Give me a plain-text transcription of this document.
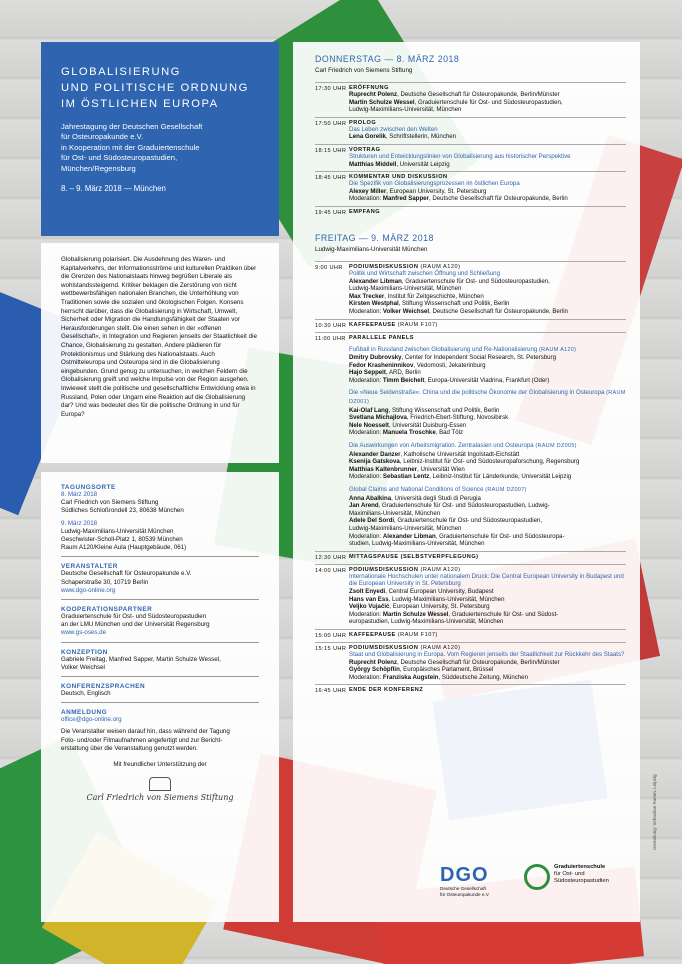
GLOBALISIERUNG
UND POLITISCHE ORDNUNG
IM ÖSTLICHEN EUROPA
Jahrestagung der Deutschen Gesellschaft
für Osteuropakunde e.V.
in Kooperation mit der Graduiertenschule
für Ost- und Südosteuropastudien,
München/Regensburg
8. – 9. März 2018 — München

Globalisierung polarisiert. Die Ausdehnung des Waren- und Kapitalverkehrs, der Informationsströme und kulturellen Praktiken über die Grenzen des Nationalstaats hinweg begrüßen Liberale als wohlstandssteigernd. Kritiker beklagen die Zerstörung von nicht wettbewerbsfähigen nationalen Branchen, die Unterhöhlung von Traditionen sowie die sozialen und ökologischen Folgen. Konsens herrscht darüber, dass die Globalisierung in Wirtschaft, Umwelt, Sicherheit oder Migration die Handlungsfähigkeit der Staaten vor Herausforderungen stellt. Die einen sehen in der »offenen Gesellschaft«, in Integration und Regieren jenseits der Staatlichkeit die Chance, Globalisierung zu gestalten. Andere plädieren für Protektionismus und Stärkung des Nationalstaats. Auch Ostmitteleuropa und Osteuropa sind in die Globalisierung eingebunden. Grund genug zu untersuchen, in welchen Feldern die Globalisierung greift und welche Impulse von der Region ausgehen. Inwieweit stellt die politische und gesellschaftliche Entwicklung etwa in Russland, Polen oder Ungarn eine Reaktion auf die Globalisierung dar? Und was bedeutet dies für die politische Ordnung in und für Europa?

TAGUNGSORTE
8. März 2018
Carl Friedrich von Siemens Stiftung
Südliches Schloßrondell 23, 80638 München
9. März 2018
Ludwig-Maximilians-Universität München
Geschwister-Scholl-Platz 1, 80539 München
Raum A120/Kleine Aula (Hauptgebäude, 061)
VERANSTALTER
Deutsche Gesellschaft für Osteuropakunde e.V.
Schaperstraße 30, 10719 Berlin
www.dgo-online.org
KOOPERATIONSPARTNER
Graduiertenschule für Ost- und Südosteuropastudien
an der LMU München und der Universität Regensburg
www.gs-oses.de
KONZEPTION
Gabriele Freitag, Manfred Sapper, Martin Schulze Wessel,
Volker Weichsel
KONFERENZSPRACHEN
Deutsch, Englisch
ANMELDUNG
office@dgo-online.org
Die Veranstalter weisen darauf hin, dass während der Tagung
Foto- und/oder Filmaufnahmen angefertigt und zur Bericht-
erstattung über die Veranstaltung genutzt werden.
Mit freundlicher Unterstützung der
Carl Friedrich von Siemens Stiftung
DONNERSTAG — 8. MÄRZ 2018
Carl Friedrich von Siemens Stiftung
17:30 UHR ERÖFFNUNG
Ruprecht Polenz, Deutsche Gesellschaft für Osteuropakunde, Berlin/Münster
Martin Schulze Wessel, Graduiertenschule für Ost- und Südosteuropastudien,
Ludwig-Maximilians-Universität, München
17:50 UHR PROLOG
Das Leben zwischen den Welten
Lena Gorelik, Schriftstellerin, München
18:15 UHR VORTRAG
Strukturen und Entwicklungslinien von Globalisierung aus historischer Perspektive
Matthias Middell, Universität Leipzig
18:45 UHR KOMMENTAR UND DISKUSSION
Die Spezifik von Globalisierungsprozessen im östlichen Europa
Alexey Miller, European University, St. Petersburg
Moderation: Manfred Sapper, Deutsche Gesellschaft für Osteuropakunde, Berlin
19:45 UHR EMPFANG
FREITAG — 9. MÄRZ 2018
Ludwig-Maximilians-Universität München
9:00 UHR	PODIUMSDISKUSSION (RAUM A120)
Politik und Wirtschaft zwischen Öffnung und Schließung
Alexander Libman, Graduiertenschule für Ost- und Südosteuropastudien,
Ludwig-Maximilians-Universität, München
Max Trecker, Institut für Zeitgeschichte, München
Kirsten Westphal, Stiftung Wissenschaft und Politik, Berlin
Moderation: Volker Weichsel, Deutsche Gesellschaft für Osteuropakunde, Berlin
10:30 UHR KAFFEEPAUSE (RAUM F107)
11:00 UHR PARALLELE PANELS
Fußball in Russland zwischen Globalisierung und Re-Nationalisierung (RAUM A120)
Dmitry Dubrovsky, Center for Independent Social Research, St. Petersburg
Fedor Krasheninnikov, Vedomosti, Jekaterinburg
Hajo Seppelt, ARD, Berlin
Moderation: Timm Beichelt, Europa-Universität Viadrina, Frankfurt (Oder)
Die »Neue Seidenstraße«. China und die politische Ökonomie der Globalisierung in Osteuropa (RAUM DZ001)
Kai-Olaf Lang, Stiftung Wissenschaft und Politik, Berlin
Svetlana Michajlova, Friedrich-Ebert-Stiftung, Novosibirsk
Nele Noesselt, Universität Duisburg-Essen
Moderation: Manuela Troschke, Bad Tölz
Die Auswirkungen von Arbeitsmigration. Zentralasien und Osteuropa (RAUM DZ005)
Alexander Danzer, Katholische Universität Ingolstadt-Eichstätt
Ksenija Gatskova, Leibniz-Institut für Ost- und Südosteuropaforschung, Regensburg
Matthias Kaltenbrunner, Universität Wien
Moderation: Sebastian Lentz, Leibniz-Institut für Länderkunde, Universität Leipzig
Global Claims and National Conditions of Science (RAUM DZ007)
Anna Abalkina, Università degli Studi di Perugia
Jan Arend, Graduiertenschule für Ost- und Südosteuropastudien, Ludwig-
Maximilians-Universität, München
Adele Del Sordi, Graduiertenschule für Ost- und Südosteuropastudien,
Ludwig-Maximilians-Universität, München
Moderation: Alexander Libman, Graduiertenschule für Ost- und Südosteuropa-
studien, Ludwig-Maximilians-Universität, München
12:30 UHR MITTAGSPAUSE (SELBSTVERPFLEGUNG)
14:00 UHR PODIUMSDISKUSSION (RAUM A120)
Internationale Hochschulen unter nationalem Druck: Die Central European University in Budapest und die European University in St. Petersburg
Zsolt Enyedi, Central European University, Budapest
Hans van Ess, Ludwig-Maximilians-Universität, München
Veljko Vujačić, European University, St. Petersburg
Moderation: Martin Schulze Wessel, Graduiertenschule für Ost- und Südost-
europastudien, Ludwig-Maximilians-Universität, München
15:00 UHR KAFFEEPAUSE (RAUM F107)
15:15 UHR PODIUMSDISKUSSION (RAUM A120)
Staat und Globalisierung in Europa. Vom Regieren jenseits der Staatlichkeit zur Rückkehr des Staats?
Ruprecht Polenz, Deutsche Gesellschaft für Osteuropakunde, Berlin/Münster
György Schöpflin, Europäisches Parlament, Brüssel
Moderation: Franziska Augstein, Süddeutsche Zeitung, München
16:45 UHR ENDE DER KONFERENZ
DGO
Deutsche Gesellschaft
für Osteuropakunde e.V.
Graduiertenschule
für Ost- und
Südosteuropastudien
Gestaltung: Sebastian Ramm, Leipzig
